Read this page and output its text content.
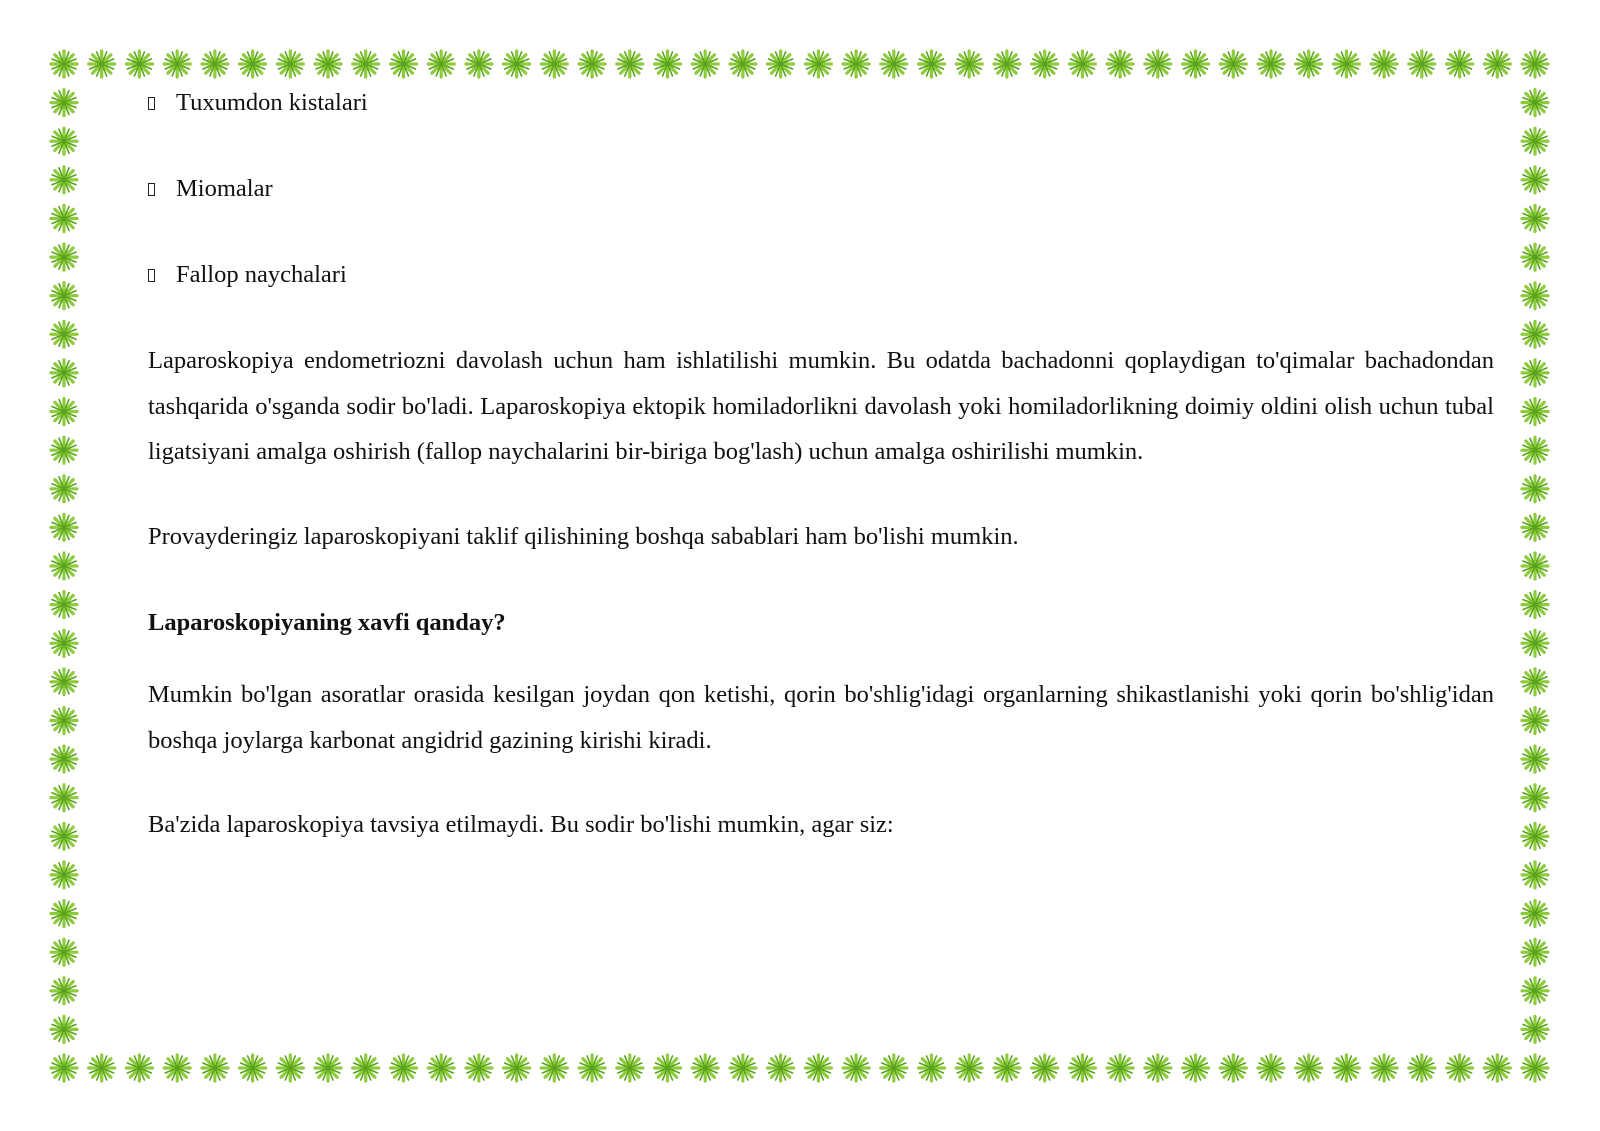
Tuxumdon kistalari
Miomalar
Fallop naychalari

Laparoskopiya endometriozni davolash uchun ham ishlatilishi mumkin. Bu odatda bachadonni qoplaydigan to'qimalar bachadondan tashqarida o'sganda sodir bo'ladi. Laparoskopiya ektopik homiladorlikni davolash yoki homiladorlikning doimiy oldini olish uchun tubal ligatsiyani amalga oshirish (fallop naychalarini bir-biriga bog'lash) uchun amalga oshirilishi mumkin.

Provayderingiz laparoskopiyani taklif qilishining boshqa sabablari ham bo'lishi mumkin.

Laparoskopiyaning xavfi qanday?

Mumkin bo'lgan asoratlar orasida kesilgan joydan qon ketishi, qorin bo'shlig'idagi organlarning shikastlanishi yoki qorin bo'shlig'idan boshqa joylarga karbonat angidrid gazining kirishi kiradi.

Ba'zida laparoskopiya tavsiya etilmaydi. Bu sodir bo'lishi mumkin, agar siz:
